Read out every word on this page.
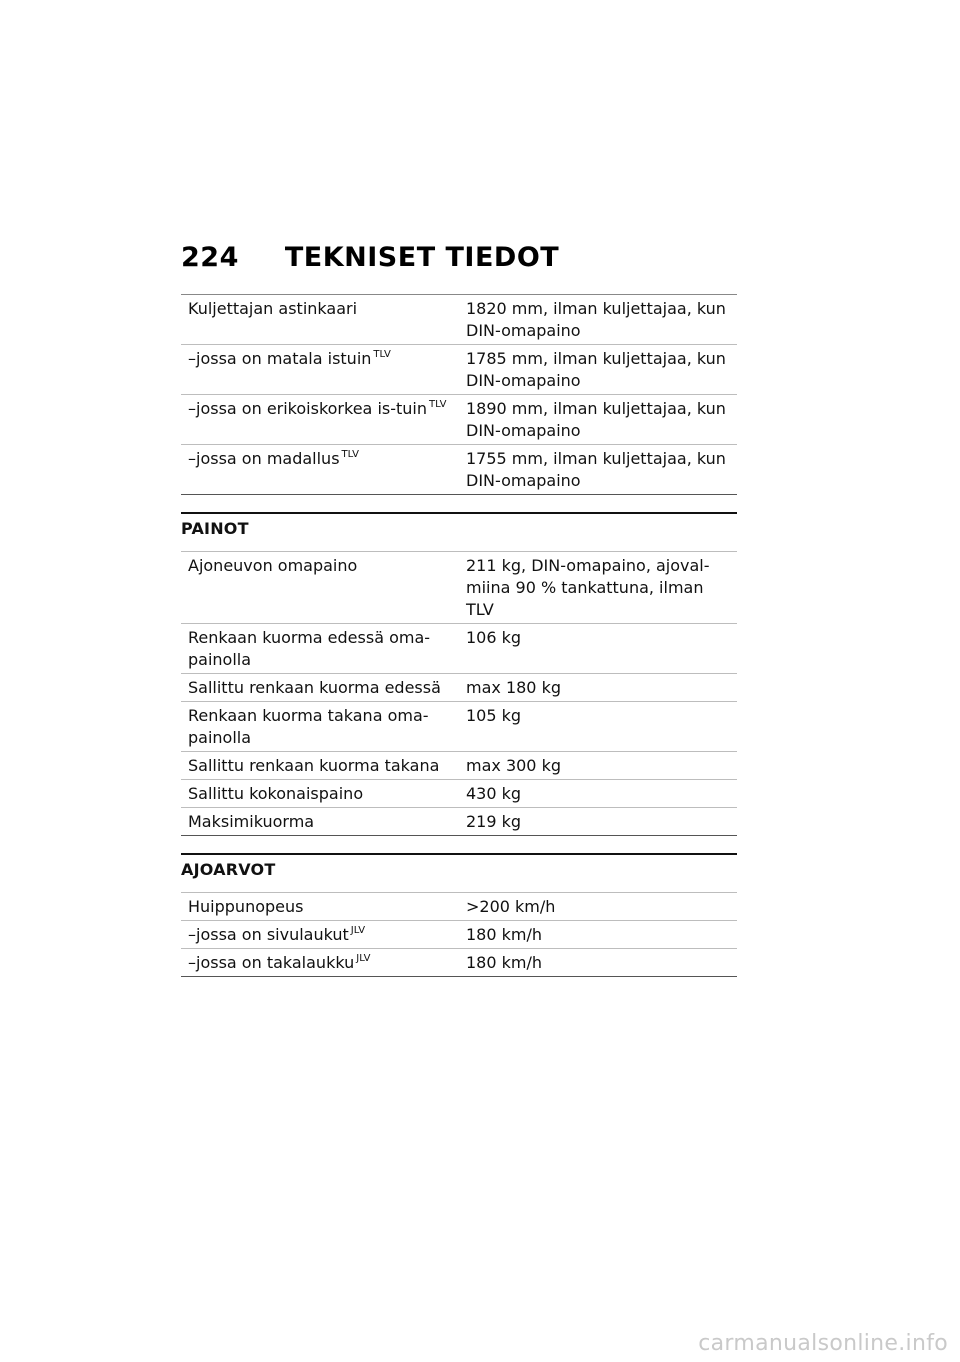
224 TEKNISET TIEDOT
Kuljettajan astinkaari	1820 mm, ilman kuljettajaa, kun DIN-omapaino
–jossa on matala istuin $^{TLV}$	1785 mm, ilman kuljettajaa, kun DIN-omapaino
–jossa on erikoiskorkea is-tuin $^{TLV}$	1890 mm, ilman kuljettajaa, kun DIN-omapaino
–jossa on madallus $^{TLV}$	1755 mm, ilman kuljettajaa, kun DIN-omapaino
PAINOT
Ajoneuvon omapaino	211 kg, DIN-omapaino, ajoval-miina 90 % tankattuna, ilman TLV
Renkaan kuorma edessä oma-painolla	106 kg
Sallittu renkaan kuorma edessä	max 180 kg
Renkaan kuorma takana oma-painolla	105 kg
Sallittu renkaan kuorma takana	max 300 kg
Sallittu kokonaispaino	430 kg
Maksimikuorma	219 kg
AJOARVOT
Huippunopeus	>200 km/h
–jossa on sivulaukut $^{JLV}$	180 km/h
–jossa on takalaukku $^{JLV}$	180 km/h
carmanualsonline.info
